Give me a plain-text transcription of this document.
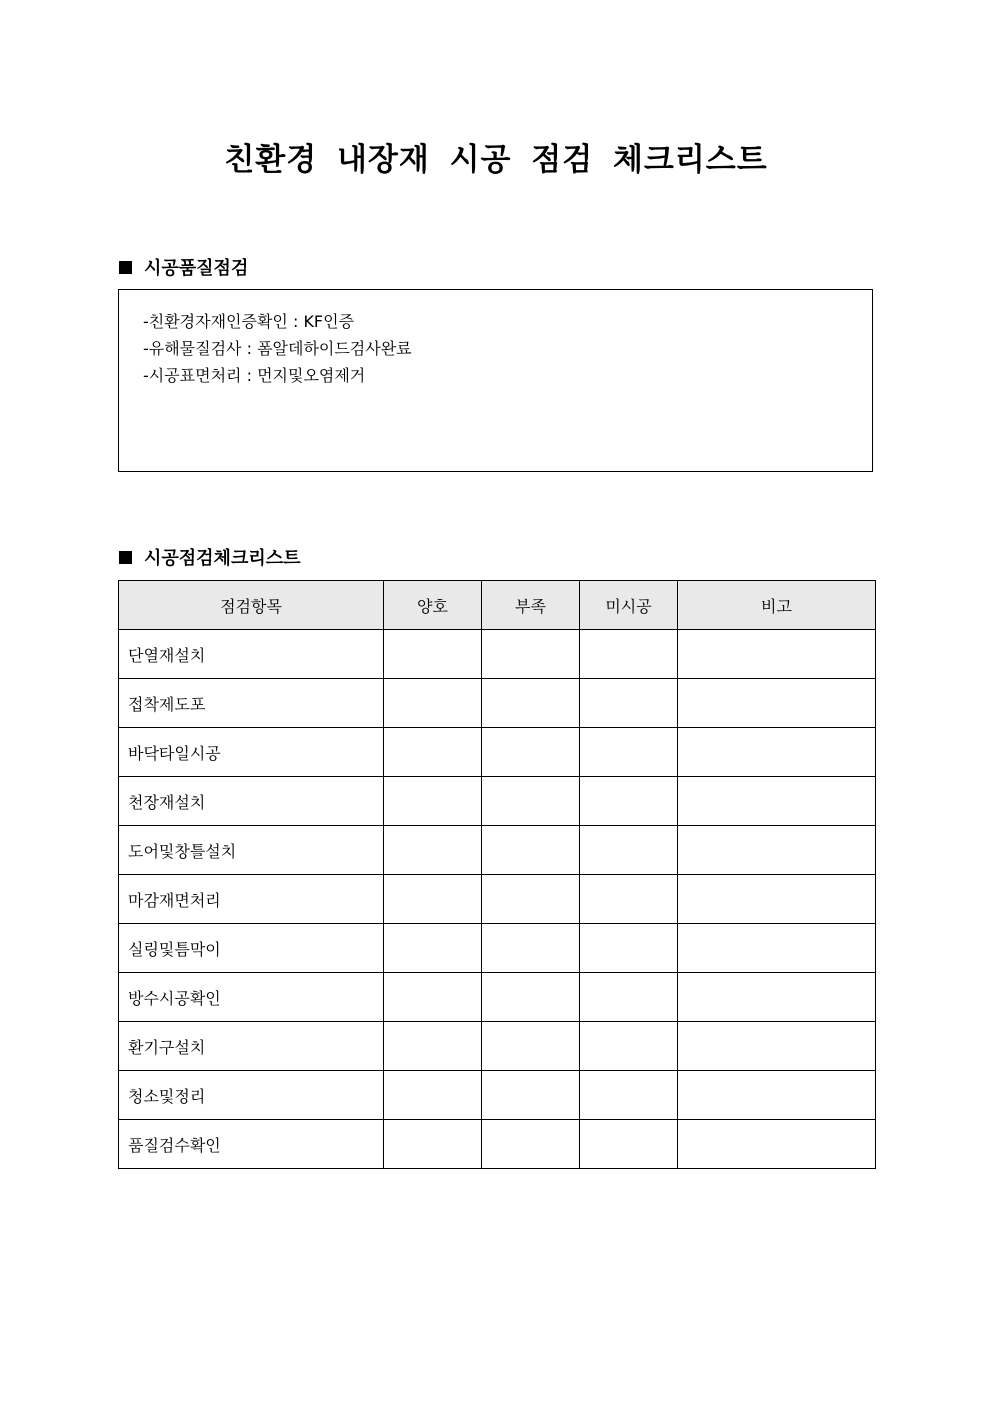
친환경 내장재 시공 점검 체크리스트
시공품질점검
-친환경자재인증확인 : KF인증
-유해물질검사 : 폼알데하이드검사완료
-시공표면처리 : 먼지및오염제거
시공점검체크리스트
점검항목	양호	부족	미시공	비고
단열재설치				
접착제도포				
바닥타일시공				
천장재설치				
도어및창틀설치				
마감재면처리				
실링및틈막이				
방수시공확인				
환기구설치				
청소및정리				
품질검수확인				
